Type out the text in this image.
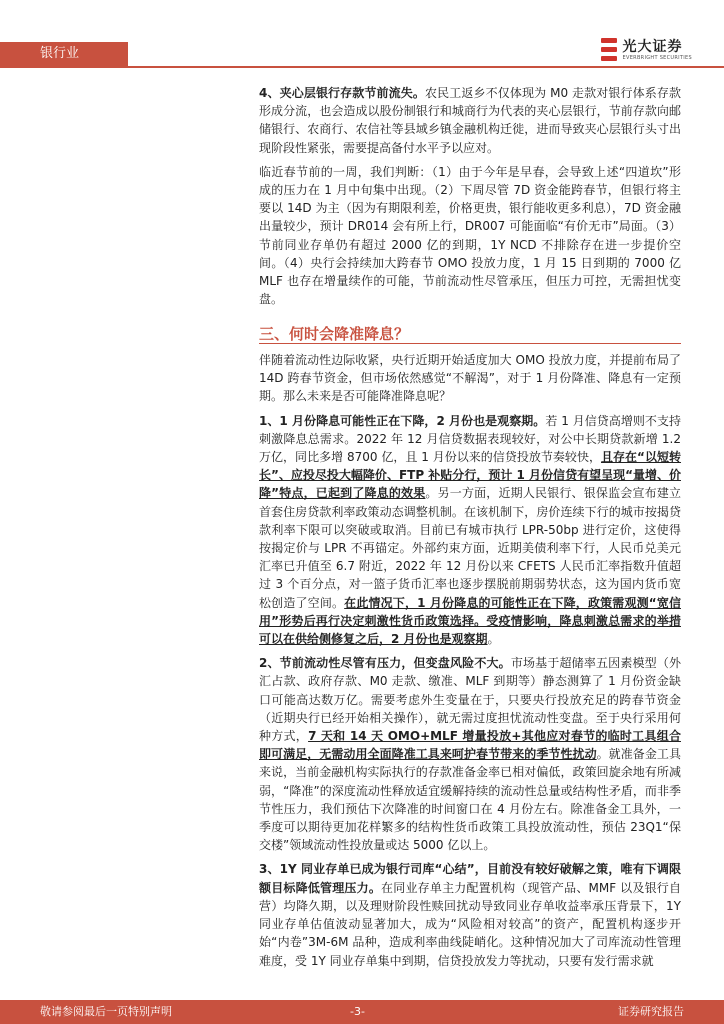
银行业	光大证券
EVERBRIGHT SECURITIES

4、夹心层银行存款节前流失。农民工返乡不仅体现为 M0 走款对银行体系存款形成分流，也会造成以股份制银行和城商行为代表的夹心层银行，节前存款向邮储银行、农商行、农信社等县域乡镇金融机构迁徙，进而导致夹心层银行头寸出现阶段性紧张，需要提高备付水平予以应对。

临近春节前的一周，我们判断：（1）由于今年是早春，会导致上述“四道坎”形成的压力在 1 月中旬集中出现。（2）下周尽管 7D 资金能跨春节，但银行将主要以 14D 为主（因为有期限利差，价格更贵，银行能收更多利息），7D 资金融出量较少，预计 DR014 会有所上行，DR007 可能面临“有价无市”局面。（3）节前同业存单仍有超过 2000 亿的到期，1Y NCD 不排除存在进一步提价空间。（4）央行会持续加大跨春节 OMO 投放力度，1 月 15 日到期的 7000 亿 MLF 也存在增量续作的可能，节前流动性尽管承压，但压力可控，无需担忧变盘。

三、何时会降准降息？

伴随着流动性边际收紧，央行近期开始适度加大 OMO 投放力度，并提前布局了 14D 跨春节资金，但市场依然感觉“不解渴”，对于 1 月份降准、降息有一定预期。那么未来是否可能降准降息呢？

1、1 月份降息可能性正在下降，2 月份也是观察期。若 1 月信贷高增则不支持刺激降息总需求。2022 年 12 月信贷数据表现较好，对公中长期贷款新增 1.2 万亿，同比多增 8700 亿，且 1 月份以来的信贷投放节奏较快，且存在“以短转长”、应投尽投大幅降价、FTP 补贴分行，预计 1 月份信贷有望呈现“量增、价降”特点，已起到了降息的效果。另一方面，近期人民银行、银保监会宣布建立首套住房贷款利率政策动态调整机制。在该机制下，房价连续下行的城市按揭贷款利率下限可以突破或取消。目前已有城市执行 LPR-50bp 进行定价，这使得按揭定价与 LPR 不再锚定。外部约束方面，近期美债利率下行，人民币兑美元汇率已升值至 6.7 附近，2022 年 12 月份以来 CFETS 人民币汇率指数升值超过 3 个百分点，对一篮子货币汇率也逐步摆脱前期弱势状态，这为国内货币宽松创造了空间。在此情况下，1 月份降息的可能性正在下降，政策需观测“宽信用”形势后再行决定刺激性货币政策选择。受疫情影响，降息刺激总需求的举措可以在供给侧修复之后，2 月份也是观察期。

2、节前流动性尽管有压力，但变盘风险不大。市场基于超储率五因素模型（外汇占款、政府存款、M0 走款、缴准、MLF 到期等）静态测算了 1 月份资金缺口可能高达数万亿。需要考虑外生变量在于，只要央行投放充足的跨春节资金（近期央行已经开始相关操作），就无需过度担忧流动性变盘。至于央行采用何种方式，7 天和 14 天 OMO+MLF 增量投放+其他应对春节的临时工具组合即可满足，无需动用全面降准工具来呵护春节带来的季节性扰动。就准备金工具来说，当前金融机构实际执行的存款准备金率已相对偏低，政策回旋余地有所减弱，“降准”的深度流动性释放适宜缓解持续的流动性总量或结构性矛盾，而非季节性压力，我们预估下次降准的时间窗口在 4 月份左右。除准备金工具外，一季度可以期待更加花样繁多的结构性货币政策工具投放流动性，预估 23Q1“保交楼”领域流动性投放量或达 5000 亿以上。

3、1Y 同业存单已成为银行司库“心结”，目前没有较好破解之策，唯有下调限额目标降低管理压力。在同业存单主力配置机构（现管产品、MMF 以及银行自营）均降久期，以及理财阶段性赎回扰动导致同业存单收益率承压背景下，1Y 同业存单估值波动显著加大，成为“风险相对较高”的资产，配置机构逐步开始“内卷”3M-6M 品种，造成利率曲线陡峭化。这种情况加大了司库流动性管理难度，受 1Y 同业存单集中到期，信贷投放发力等扰动，只要有发行需求就

敬请参阅最后一页特别声明	-3-	证券研究报告
